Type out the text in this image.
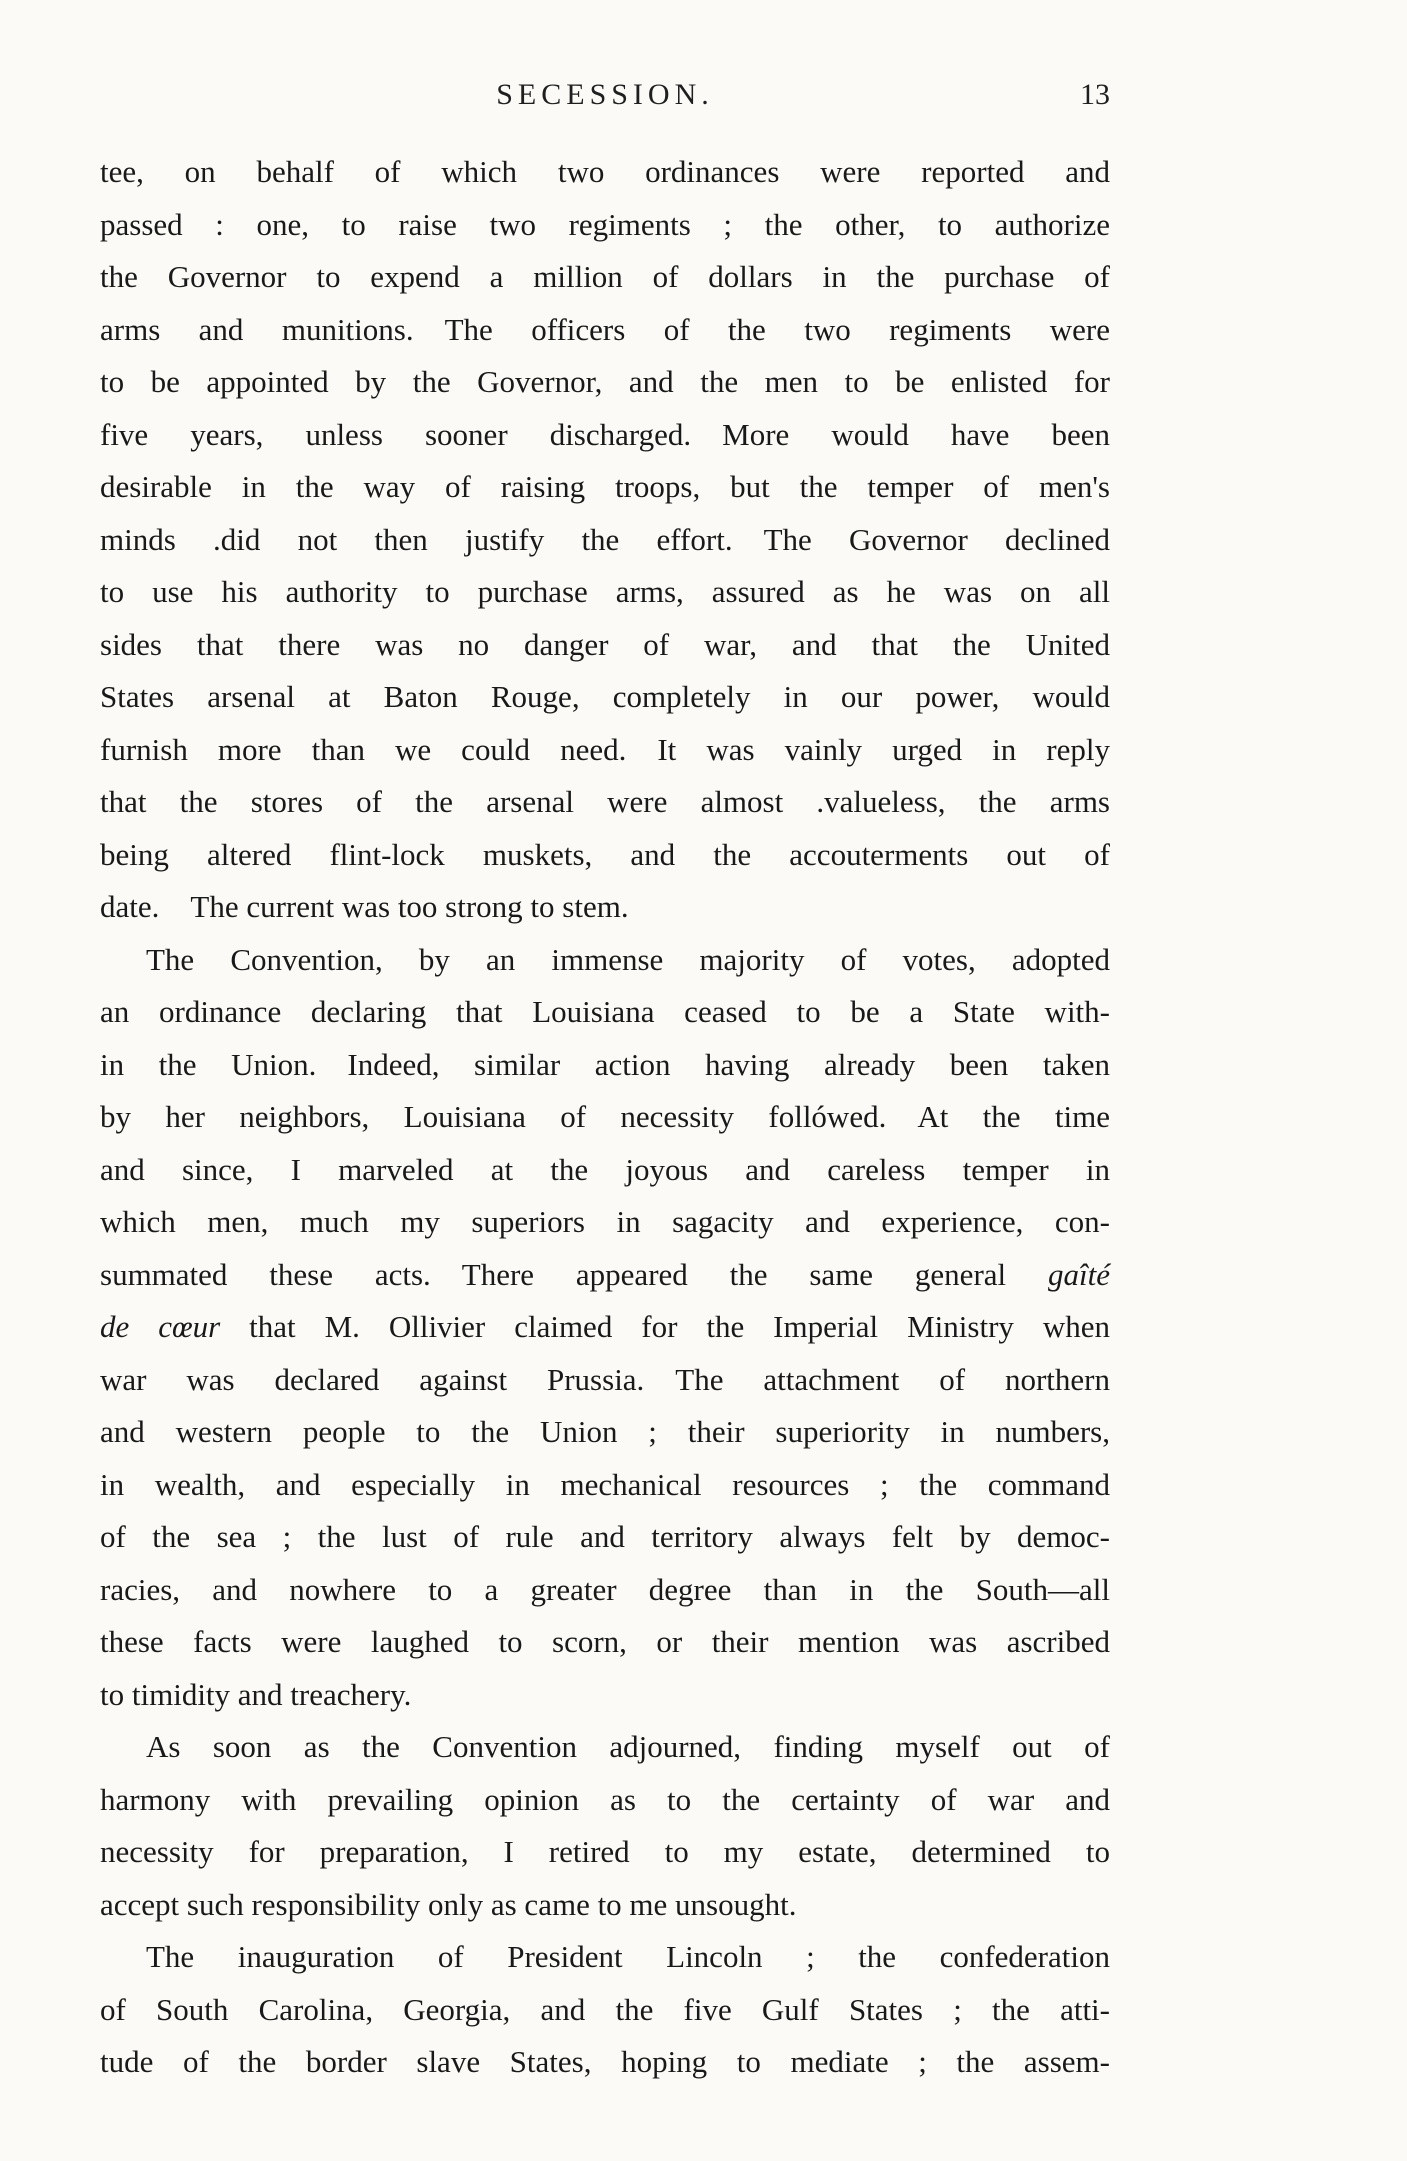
SECESSION.	13
tee, on behalf of which two ordinances were reported and
passed : one, to raise two regiments ; the other, to authorize
the Governor to expend a million of dollars in the purchase of
arms and munitions.  The officers of the two regiments were
to be appointed by the Governor, and the men to be enlisted for
five years, unless sooner discharged.  More would have been
desirable in the way of raising troops, but the temper of men's
minds .did not then justify the effort.  The Governor declined
to use his authority to purchase arms, assured as he was on all
sides that there was no danger of war, and that the United
States arsenal at Baton Rouge, completely in our power, would
furnish more than we could need.  It was vainly urged in reply
that the stores of the arsenal were almost .valueless, the arms
being altered flint-lock muskets, and the accouterments out of
date.  The current was too strong to stem.
The Convention, by an immense majority of votes, adopted
an ordinance declaring that Louisiana ceased to be a State with-
in the Union.  Indeed, similar action having already been taken
by her neighbors, Louisiana of necessity follówed.  At the time
and since, I marveled at the joyous and careless temper in
which men, much my superiors in sagacity and experience, con-
summated these acts.  There appeared the same general gaîté
de cœur that M. Ollivier claimed for the Imperial Ministry when
war was declared against Prussia.  The attachment of northern
and western people to the Union ; their superiority in numbers,
in wealth, and especially in mechanical resources ; the command
of the sea ; the lust of rule and territory always felt by democ-
racies, and nowhere to a greater degree than in the South—all
these facts were laughed to scorn, or their mention was ascribed
to timidity and treachery.
As soon as the Convention adjourned, finding myself out of
harmony with prevailing opinion as to the certainty of war and
necessity for preparation, I retired to my estate, determined to
accept such responsibility only as came to me unsought.
The inauguration of President Lincoln ; the confederation
of South Carolina, Georgia, and the five Gulf States ; the atti-
tude of the border slave States, hoping to mediate ; the assem-
